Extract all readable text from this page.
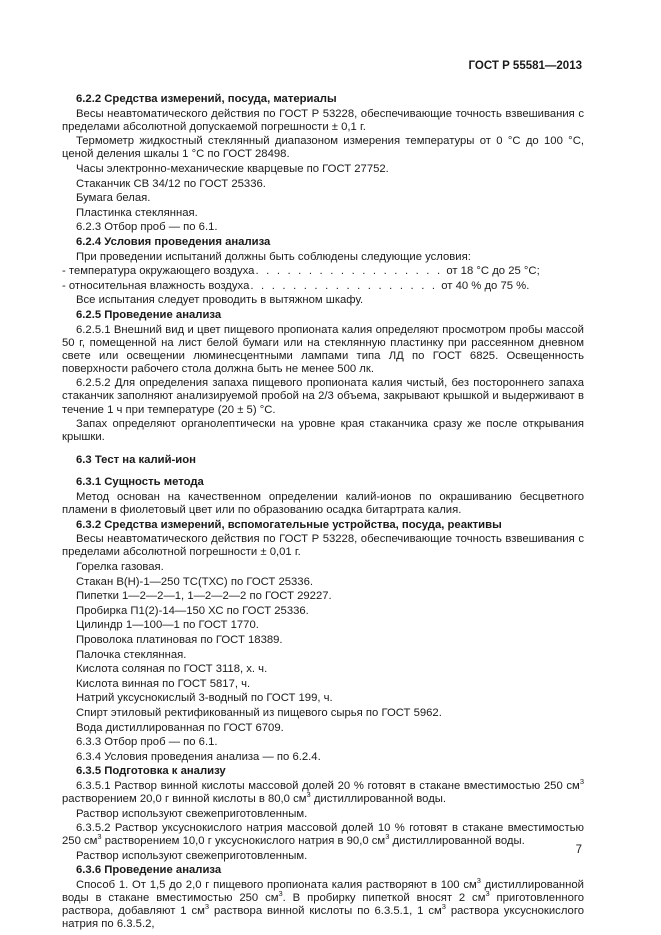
ГОСТ Р 55581—2013

6.2.2 Средства измерений, посуда, материалы

Весы неавтоматического действия по ГОСТ Р 53228, обеспечивающие точность взвешивания с пределами абсолютной допускаемой погрешности ± 0,1 г.

Термометр жидкостный стеклянный диапазоном измерения температуры от 0 °С до 100 °С, ценой деления шкалы 1 °С по ГОСТ 28498.

Часы электронно-механические кварцевые по ГОСТ 27752.

Стаканчик СВ 34/12 по ГОСТ 25336.

Бумага белая.

Пластинка стеклянная.

6.2.3 Отбор проб — по 6.1.

6.2.4 Условия проведения анализа

При проведении испытаний должны быть соблюдены следующие условия:

- температура окружающего воздуха . . . . . . . . . . . . . . . . . . от 18 °С до 25 °С;
- относительная влажность воздуха . . . . . . . . . . . . . . . . . . от 40 % до 75 %.

Все испытания следует проводить в вытяжном шкафу.

6.2.5 Проведение анализа

6.2.5.1 Внешний вид и цвет пищевого пропионата калия определяют просмотром пробы массой 50 г, помещенной на лист белой бумаги или на стеклянную пластинку при рассеянном дневном свете или освещении люминесцентными лампами типа ЛД по ГОСТ 6825. Освещенность поверхности рабочего стола должна быть не менее 500 лк.

6.2.5.2 Для определения запаха пищевого пропионата калия чистый, без постороннего запаха стаканчик заполняют анализируемой пробой на 2/3 объема, закрывают крышкой и выдерживают в течение 1 ч при температуре (20 ± 5) °С.

Запах определяют органолептически на уровне края стаканчика сразу же после открывания крышки.

6.3 Тест на калий-ион

6.3.1 Сущность метода

Метод основан на качественном определении калий-ионов по окрашиванию бесцветного пламени в фиолетовый цвет или по образованию осадка битартрата калия.

6.3.2 Средства измерений, вспомогательные устройства, посуда, реактивы

Весы неавтоматического действия по ГОСТ Р 53228, обеспечивающие точность взвешивания с пределами абсолютной погрешности ± 0,01 г.

Горелка газовая.

Стакан В(Н)-1—250 ТС(ТХС) по ГОСТ 25336.

Пипетки 1—2—2—1, 1—2—2—2 по ГОСТ 29227.

Пробирка П1(2)-14—150 ХС по ГОСТ 25336.

Цилиндр 1—100—1 по ГОСТ 1770.

Проволока платиновая по ГОСТ 18389.

Палочка стеклянная.

Кислота соляная по ГОСТ 3118, х. ч.

Кислота винная по ГОСТ 5817, ч.

Натрий уксуснокислый 3-водный по ГОСТ 199, ч.

Спирт этиловый ректификованный из пищевого сырья по ГОСТ 5962.

Вода дистиллированная по ГОСТ 6709.

6.3.3 Отбор проб — по 6.1.

6.3.4 Условия проведения анализа — по 6.2.4.

6.3.5 Подготовка к анализу

6.3.5.1 Раствор винной кислоты массовой долей 20 % готовят в стакане вместимостью 250 $см^3$ растворением 20,0 г винной кислоты в 80,0 $см^3$ дистиллированной воды.

Раствор используют свежеприготовленным.

6.3.5.2 Раствор уксуснокислого натрия массовой долей 10 % готовят в стакане вместимостью 250 $см^3$ растворением 10,0 г уксуснокислого натрия в 90,0 $см^3$ дистиллированной воды.

Раствор используют свежеприготовленным.

6.3.6 Проведение анализа

Способ 1. От 1,5 до 2,0 г пищевого пропионата калия растворяют в 100 $см^3$ дистиллированной воды в стакане вместимостью 250 $см^3$. В пробирку пипеткой вносят 2 $см^3$ приготовленного раствора, добавляют 1 $см^3$ раствора винной кислоты по 6.3.5.1, 1 $см^3$ раствора уксуснокислого натрия по 6.3.5.2,

7
